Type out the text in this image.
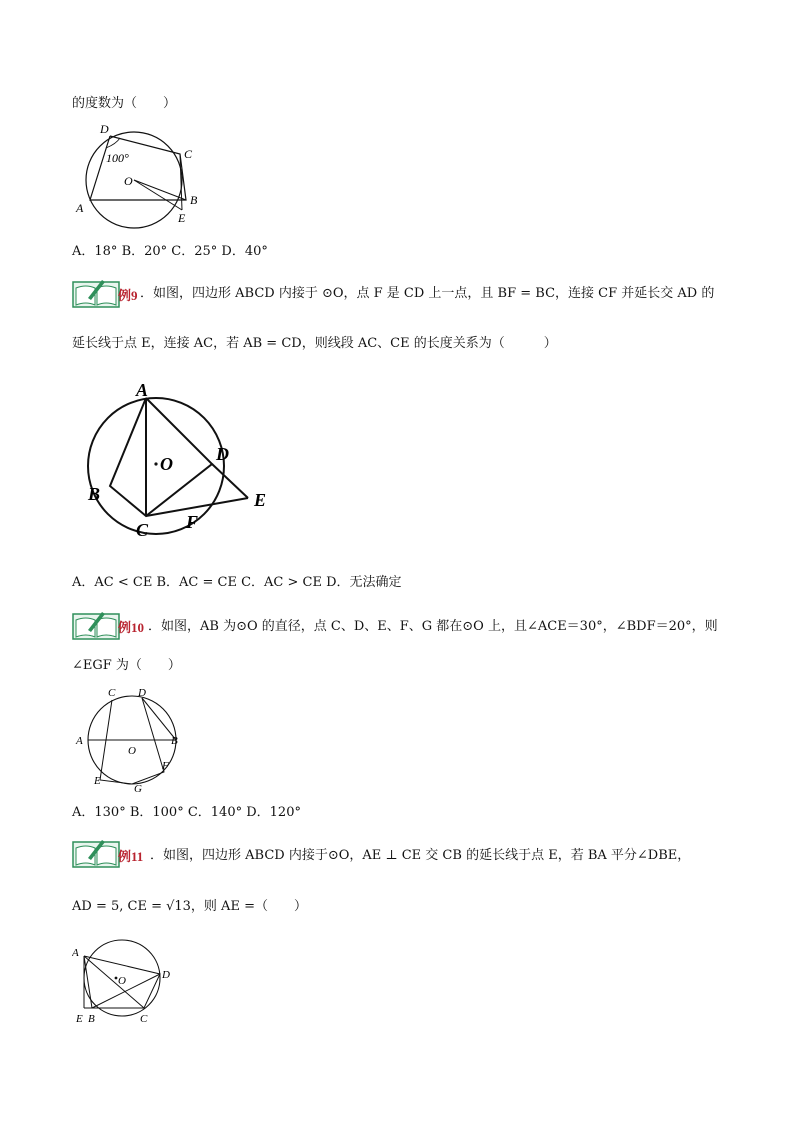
的度数为（　　）
D
C
O
B
E
A
100°
A．18° B．20° C．25° D．40°
例9 ．如图，四边形 ABCD 内接于 ⊙O，点 F 是 CD 上一点，且 BF = BC，连接 CF 并延长交 AD 的
延长线于点 E，连接 AC，若 AB = CD，则线段 AC、CE 的长度关系为（　　　）
A
O D
B	E
C F
A．AC < CE B．AC = CE C．AC > CE D．无法确定
例10 ．如图，AB 为⊙O 的直径，点 C、D、E、F、G 都在⊙O 上，且∠ACE＝30°，∠BDF＝20°，则
∠EGF 为（　　）
C D
A
O
B
F
E
G
A．130° B．100° C．140° D．120°
例11 ．如图，四边形 ABCD 内接于⊙O，AE ⊥ CE 交 CB 的延长线于点 E，若 BA 平分∠DBE，
AD = 5, CE = √13，则 AE =（　　）
A
O	D
E B	C
